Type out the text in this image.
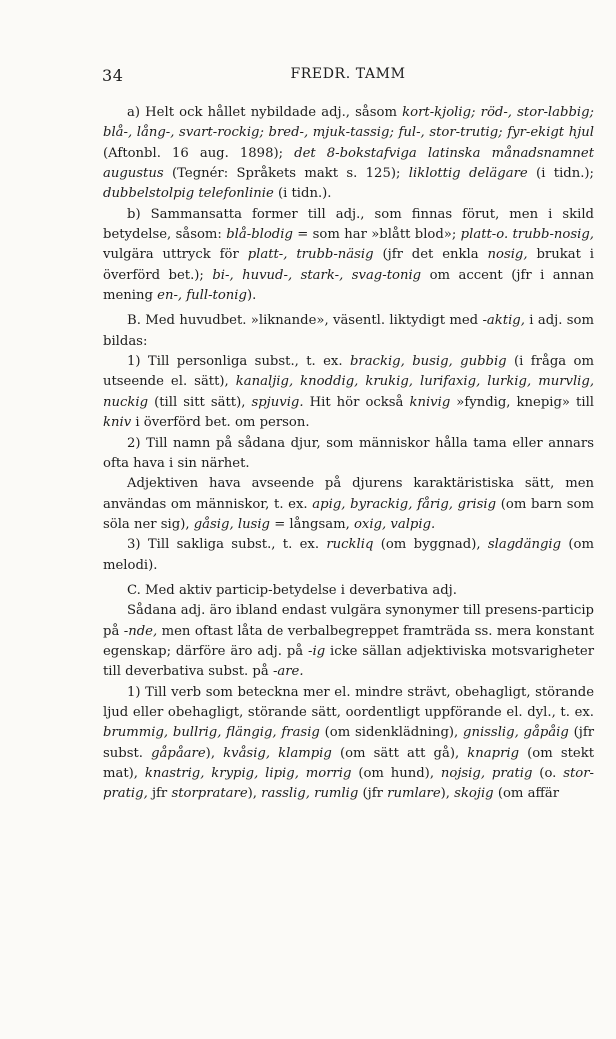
34	FREDR. TAMM

a) Helt ock hållet nybildade adj., såsom kort-kjolig; röd-, stor-labbig; blå-, lång-, svart-rockig; bred-, mjuk-tassig; ful-, stor-trutig; fyr-ekigt hjul (Aftonbl. 16 aug. 1898); det 8-bokstafviga latinska månadsnamnet augustus (Tegnér: Språkets makt s. 125); liklottig delägare (i tidn.); dubbelstolpig telefonlinie (i tidn.).

b) Sammansatta former till adj., som finnas förut, men i skild betydelse, såsom: blå-blodig = som har »blått blod»; platt-o. trubb-nosig, vulgära uttryck för platt-, trubb-näsig (jfr det enkla nosig, brukat i överförd bet.); bi-, huvud-, stark-, svag-tonig om accent (jfr i annan mening en-, full-tonig).

B. Med huvudbet. »liknande», väsentl. liktydigt med -aktig, i adj. som bildas:

1) Till personliga subst., t. ex. brackig, busig, gubbig (i fråga om utseende el. sätt), kanaljig, knoddig, krukig, lurifaxig, lurkig, murvlig, nuckig (till sitt sätt), spjuvig. Hit hör också knivig »fyndig, knepig» till kniv i överförd bet. om person.

2) Till namn på sådana djur, som människor hålla tama eller annars ofta hava i sin närhet.

Adjektiven hava avseende på djurens karaktäristiska sätt, men användas om människor, t. ex. apig, byrackig, fårig, grisig (om barn som söla ner sig), gåsig, lusig = långsam, oxig, valpig.

3) Till sakliga subst., t. ex. ruckliq (om byggnad), slagdängig (om melodi).

C. Med aktiv particip-betydelse i deverbativa adj.

Sådana adj. äro ibland endast vulgära synonymer till presens-particip på -nde, men oftast låta de verbalbegreppet framträda ss. mera konstant egenskap; därföre äro adj. på -ig icke sällan adjektiviska motsvarigheter till deverbativa subst. på -are.

1) Till verb som beteckna mer el. mindre strävt, obehagligt, störande ljud eller obehagligt, störande sätt, oordentligt uppförande el. dyl., t. ex. brummig, bullrig, flängig, frasig (om sidenklädning), gnisslig, gåpåig (jfr subst. gåpåare), kvåsig, klampig (om sätt att gå), knaprig (om stekt mat), knastrig, krypig, lipig, morrig (om hund), nojsig, pratig (o. stor-pratig, jfr storpratare), rasslig, rumlig (jfr rumlare), skojig (om affär
